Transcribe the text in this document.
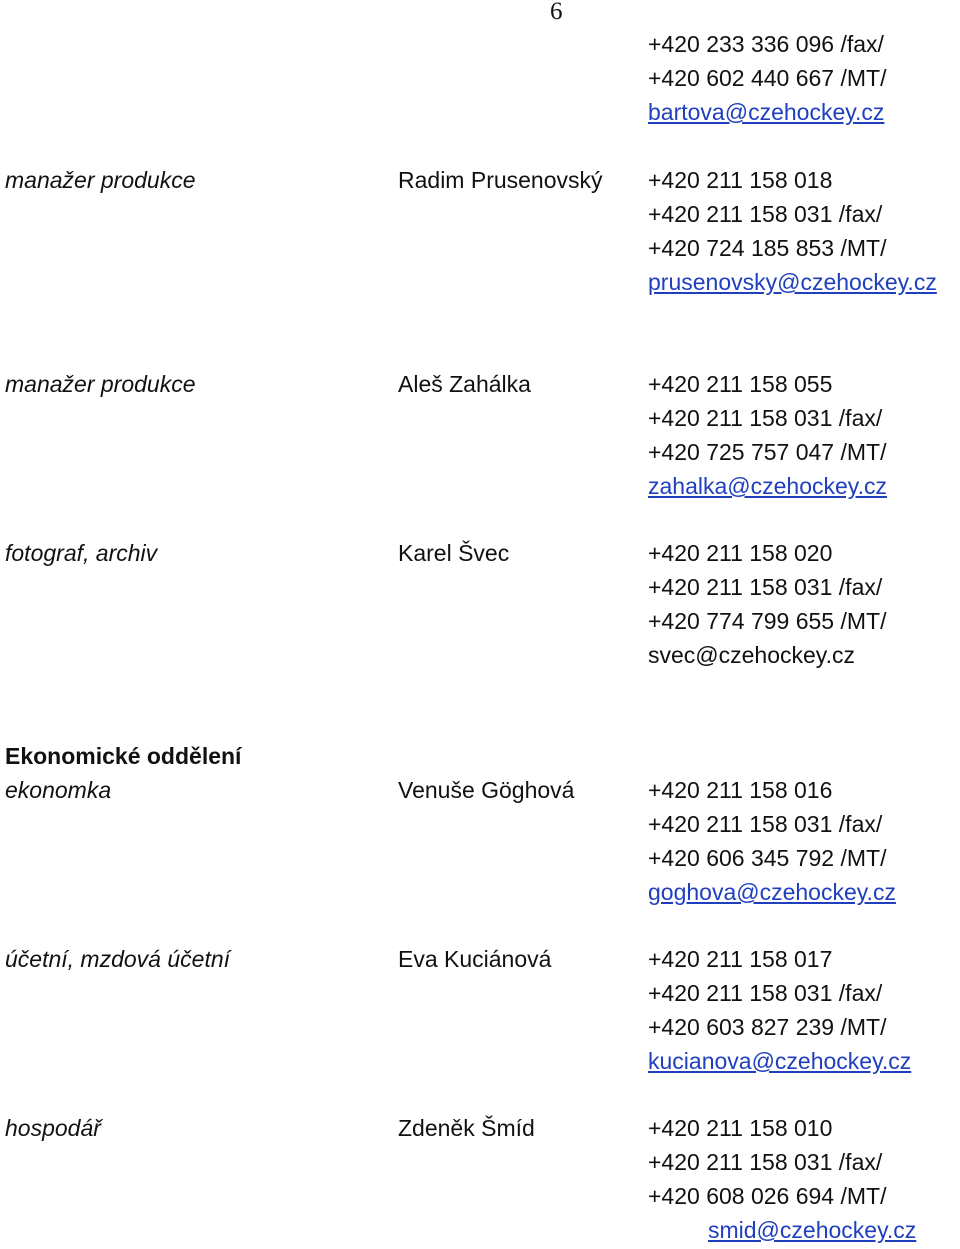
6
+420 233 336 096 /fax/
+420 602 440 667 /MT/
bartova@czehockey.cz
manažer produkce	Radim Prusenovský +420 211 158 018
+420 211 158 031 /fax/
+420 724 185 853 /MT/
prusenovsky@czehockey.cz
manažer produkce	Aleš Zahálka	+420 211 158 055
+420 211 158 031 /fax/
+420 725 757 047 /MT/
zahalka@czehockey.cz
fotograf, archiv	Karel Švec	+420 211 158 020
+420 211 158 031 /fax/
+420 774 799 655 /MT/
svec@czehockey.cz
Ekonomické oddělení
ekonomka	Venuše Göghová	+420 211 158 016
+420 211 158 031 /fax/
+420 606 345 792 /MT/
goghova@czehockey.cz
účetní, mzdová účetní	Eva Kuciánová	+420 211 158 017
+420 211 158 031 /fax/
+420 603 827 239 /MT/
kucianova@czehockey.cz
hospodář	Zdeněk Šmíd	+420 211 158 010
+420 211 158 031 /fax/
+420 608 026 694 /MT/
smid@czehockey.cz
